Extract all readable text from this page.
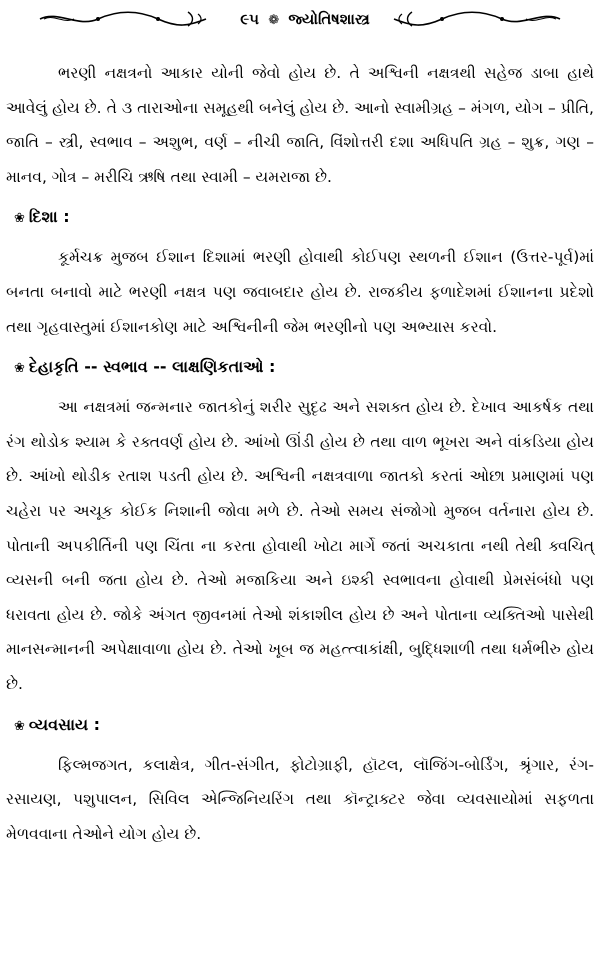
૯૫ ❁ જ્યોતિષશાસ્ત્ર

ભરણી નક્ષત્રનો આકાર યોની જેવો હોય છે. તે અશ્વિની નક્ષત્રથી સહેજ ડાબા હાથે આવેલું હોય છે. તે ૩ તારાઓના સમૂહથી બનેલું હોય છે. આનો સ્વામીગ્રહ – મંગળ, યોગ – પ્રીતિ, જાતિ – સ્ત્રી, સ્વભાવ – અશુભ, વર્ણ – નીચી જાતિ, વિંશોત્તરી દશા અધિપતિ ગ્રહ – શુક્ર, ગણ – માનવ, ગોત્ર – મરીચિ ઋષિ તથા સ્વામી – યમરાજા છે.

❀ દિશા :

કૂર્મચક્ર મુજબ ઈશાન દિશામાં ભરણી હોવાથી કોઈપણ સ્થળની ઈશાન (ઉત્તર-પૂર્વ)માં બનતા બનાવો માટે ભરણી નક્ષત્ર પણ જવાબદાર હોય છે. રાજકીય ફળાદેશમાં ઈશાનના પ્રદેશો તથા ગૃહવાસ્તુમાં ઈશાનકોણ માટે અશ્વિનીની જેમ ભરણીનો પણ અભ્યાસ કરવો.

❀ દેહાકૃતિ -- સ્વભાવ -- લાક્ષણિકતાઓ :

આ નક્ષત્રમાં જન્મનાર જાતકોનું શરીર સુદૃઢ અને સશક્ત હોય છે. દેખાવ આકર્ષક તથા રંગ થોડોક શ્યામ કે રક્તવર્ણ હોય છે. આંખો ઊંડી હોય છે તથા વાળ ભૂખરા અને વાંકડિયા હોય છે. આંખો થોડીક રતાશ પડતી હોય છે. અશ્વિની નક્ષત્રવાળા જાતકો કરતાં ઓછા પ્રમાણમાં પણ ચહેરા પર અચૂક કોઈક નિશાની જોવા મળે છે. તેઓ સમય સંજોગો મુજબ વર્તનારા હોય છે. પોતાની અપકીર્તિની પણ ચિંતા ના કરતા હોવાથી ખોટા માર્ગે જતાં અચકાતા નથી તેથી ક્વચિત્ વ્યસની બની જતા હોય છે. તેઓ મજાકિયા અને ઇશ્કી સ્વભાવના હોવાથી પ્રેમસંબંધો પણ ધરાવતા હોય છે. જોકે અંગત જીવનમાં તેઓ શંકાશીલ હોય છે અને પોતાના વ્યક્તિઓ પાસેથી માનસન્માનની અપેક્ષાવાળા હોય છે. તેઓ ખૂબ જ મહત્ત્વાકાંક્ષી, બુદ્ધિશાળી તથા ધર્મભીરુ હોય છે.

❀ વ્યવસાય :

ફિલ્મજગત, કલાક્ષેત્ર, ગીત-સંગીત, ફોટોગ્રાફી, હૉટલ, લૉજિંગ-બોર્ડિંગ, શ્રૃંગાર, રંગ-રસાયણ, પશુપાલન, સિવિલ એન્જિનિયરિંગ તથા કૉન્ટ્રાક્ટર જેવા વ્યવસાયોમાં સફળતા મેળવવાના તેઓને યોગ હોય છે.
